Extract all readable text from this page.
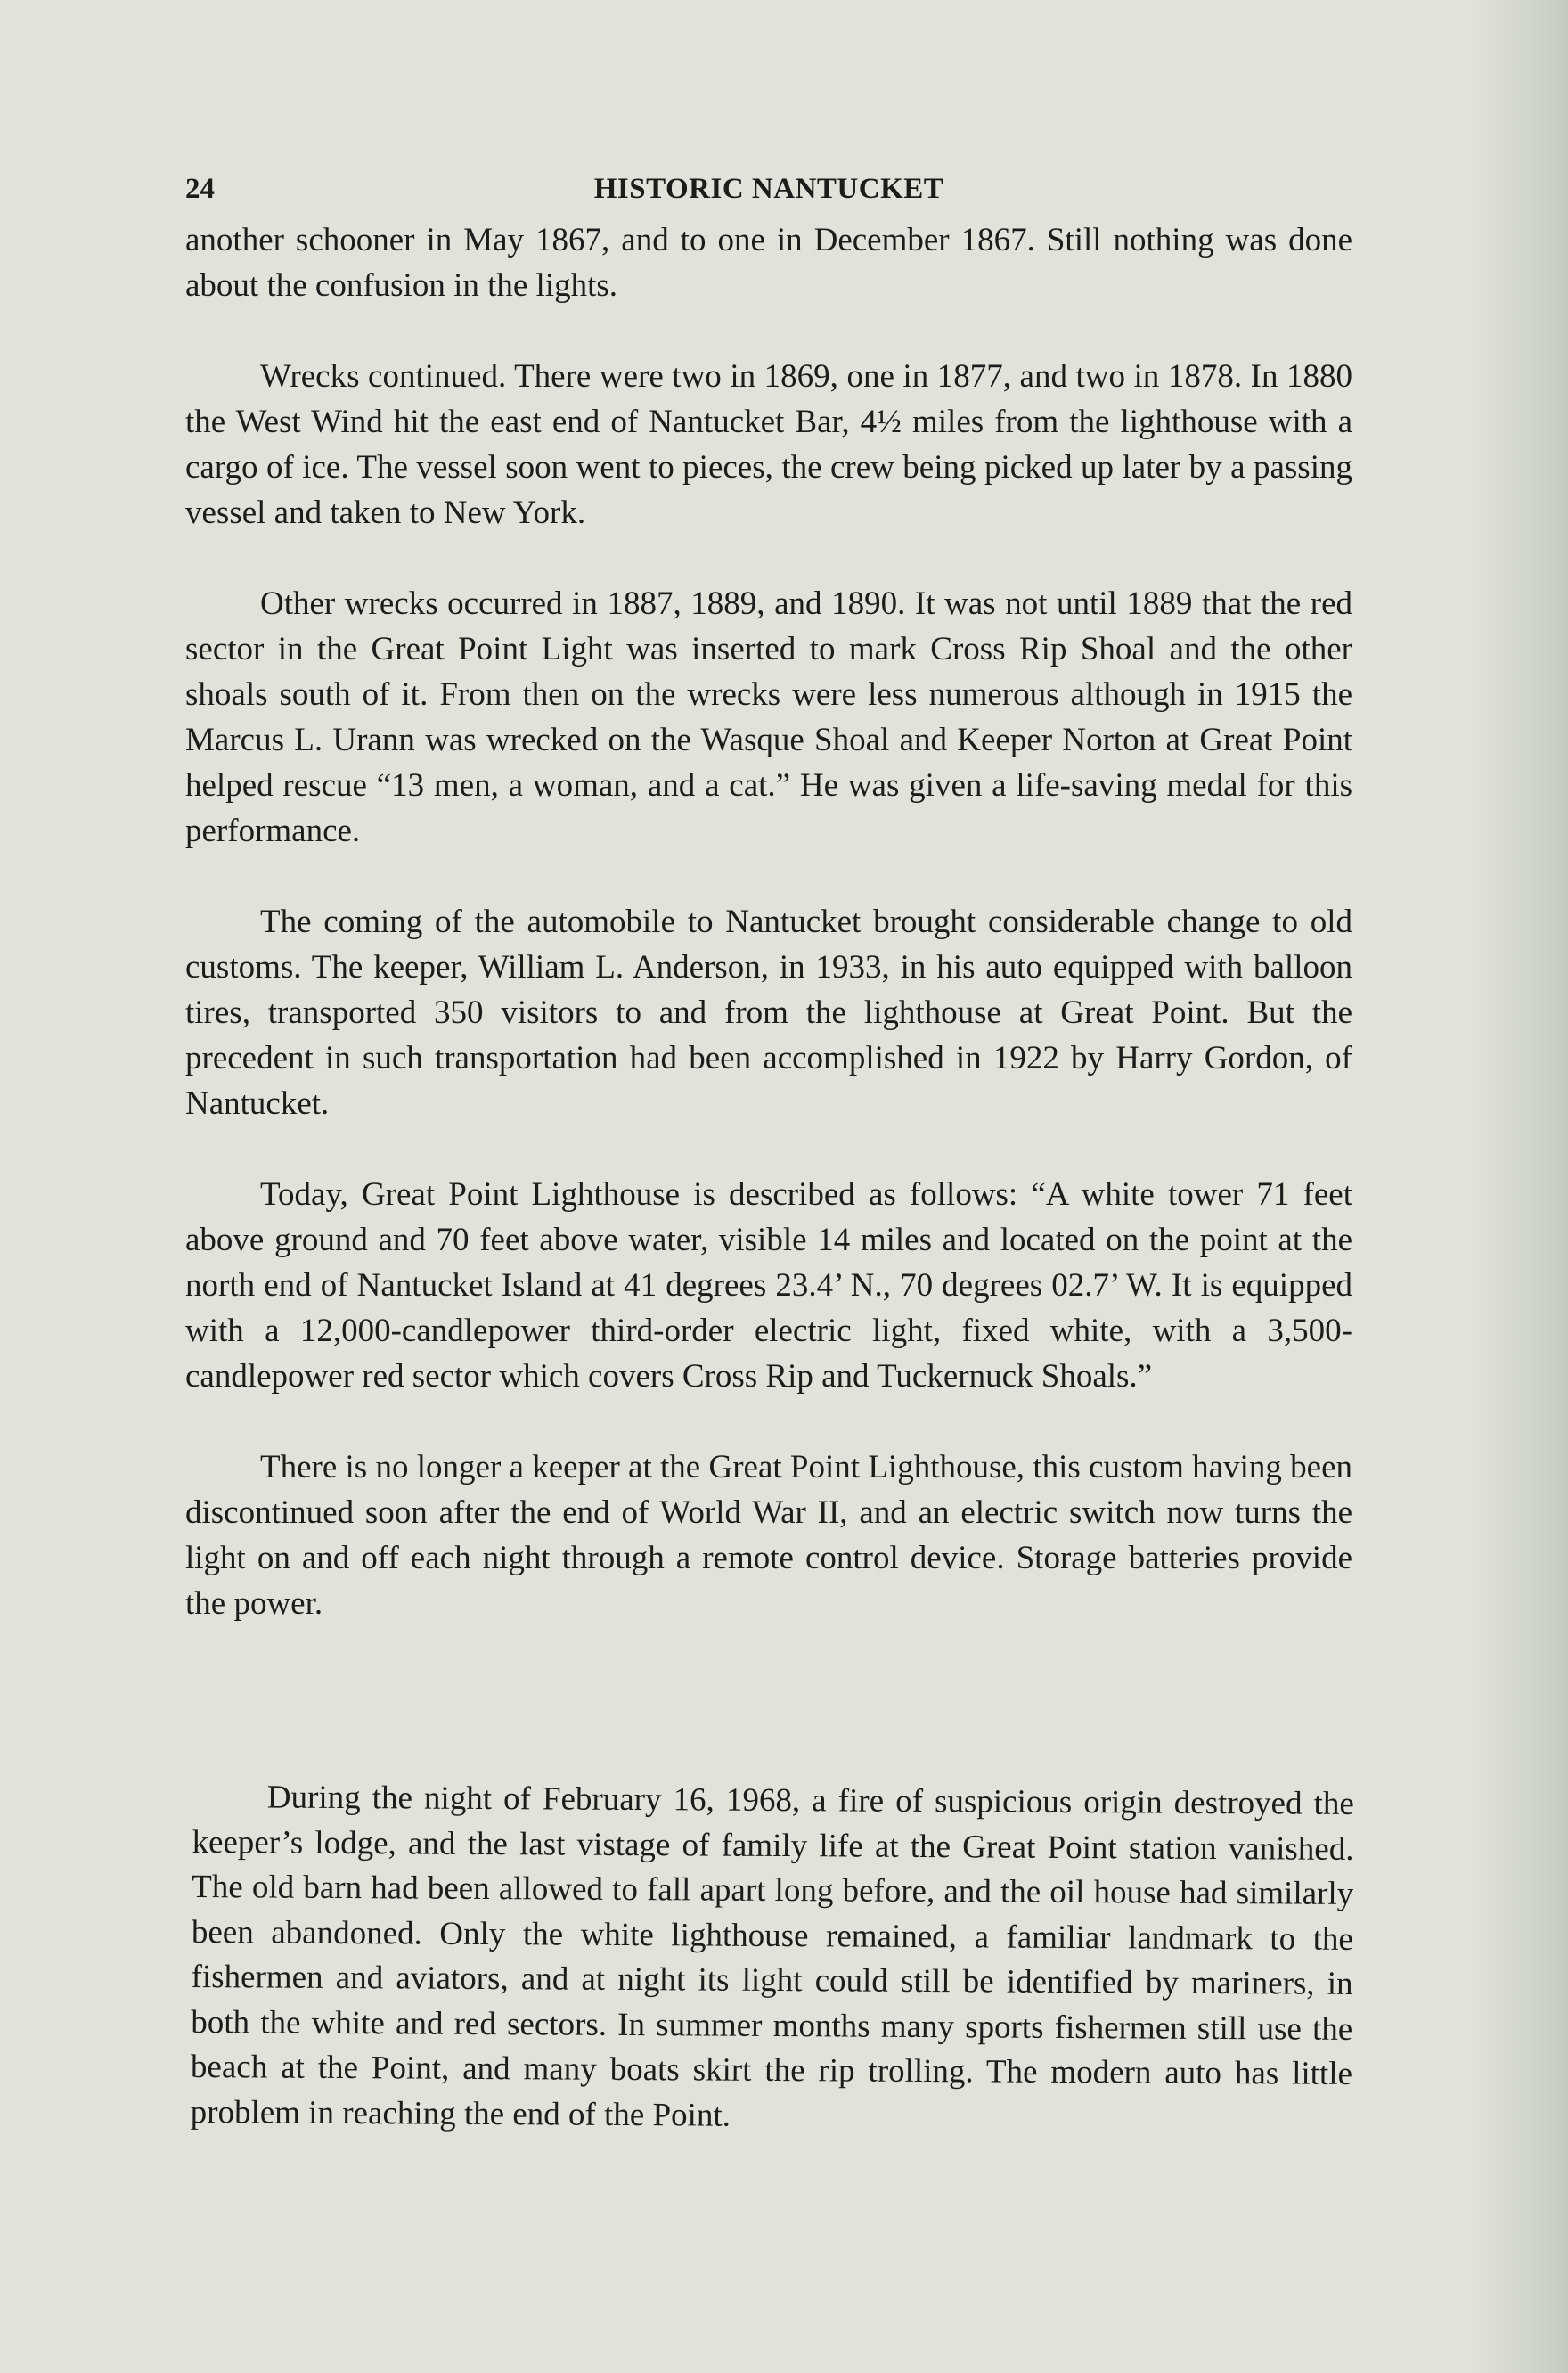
24	HISTORIC NANTUCKET

another schooner in May 1867, and to one in December 1867. Still nothing was done about the confusion in the lights.

Wrecks continued. There were two in 1869, one in 1877, and two in 1878. In 1880 the West Wind hit the east end of Nantucket Bar, 4½ miles from the lighthouse with a cargo of ice. The vessel soon went to pieces, the crew being picked up later by a passing vessel and taken to New York.

Other wrecks occurred in 1887, 1889, and 1890. It was not until 1889 that the red sector in the Great Point Light was inserted to mark Cross Rip Shoal and the other shoals south of it. From then on the wrecks were less numerous although in 1915 the Marcus L. Urann was wrecked on the Wasque Shoal and Keeper Norton at Great Point helped rescue “13 men, a woman, and a cat.” He was given a life-saving medal for this performance.

The coming of the automobile to Nantucket brought considerable change to old customs. The keeper, William L. Anderson, in 1933, in his auto equipped with balloon tires, transported 350 visitors to and from the lighthouse at Great Point. But the precedent in such transportation had been accomplished in 1922 by Harry Gordon, of Nantucket.

Today, Great Point Lighthouse is described as follows: “A white tower 71 feet above ground and 70 feet above water, visible 14 miles and located on the point at the north end of Nantucket Island at 41 degrees 23.4’ N., 70 degrees 02.7’ W. It is equipped with a 12,000-candlepower third-order electric light, fixed white, with a 3,500-candlepower red sector which covers Cross Rip and Tuckernuck Shoals.”

There is no longer a keeper at the Great Point Lighthouse, this custom having been discontinued soon after the end of World War II, and an electric switch now turns the light on and off each night through a remote control device. Storage batteries provide the power.

During the night of February 16, 1968, a fire of suspicious origin destroyed the keeper’s lodge, and the last vistage of family life at the Great Point station vanished. The old barn had been allowed to fall apart long before, and the oil house had similarly been abandoned. Only the white lighthouse remained, a familiar landmark to the fishermen and aviators, and at night its light could still be identified by mariners, in both the white and red sectors. In summer months many sports fishermen still use the beach at the Point, and many boats skirt the rip trolling. The modern auto has little problem in reaching the end of the Point.
